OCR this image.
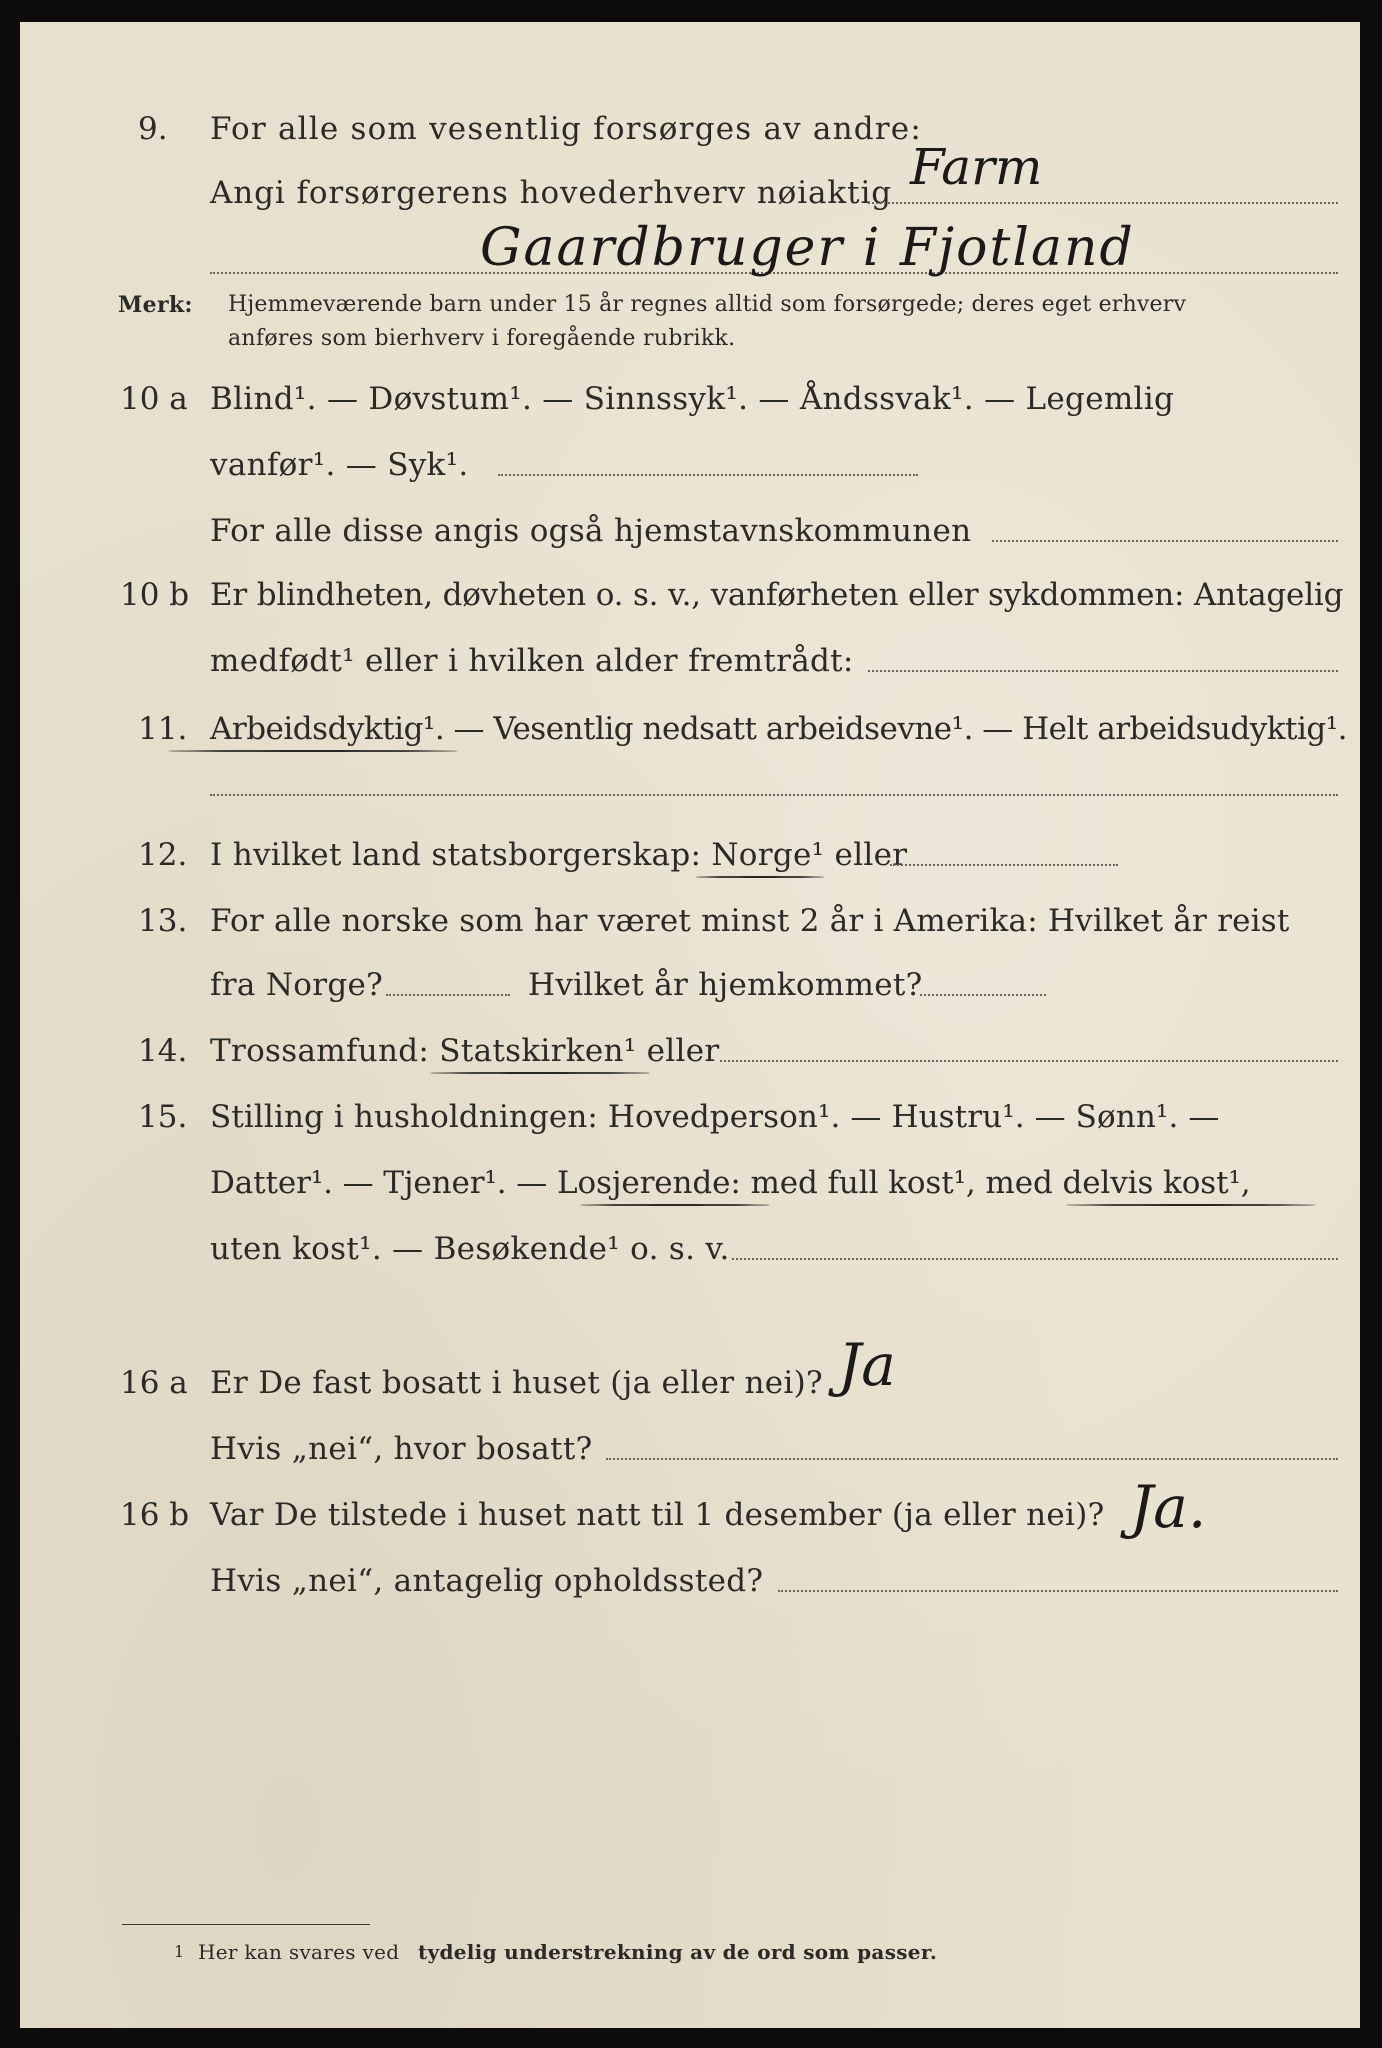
9. For alle som vesentlig forsørges av andre:
Angi forsørgerens hovederhverv nøiaktig Farm
Gaardbruger i Fjotland
Merk: Hjemmeværende barn under 15 år regnes alltid som forsørgede; deres eget erhverv
anføres som bierhverv i foregående rubrikk.
10 a Blind¹. — Døvstum¹. — Sinnssyk¹. — Åndssvak¹. — Legemlig
vanfør¹. — Syk¹.
For alle disse angis også hjemstavnskommunen
10 b Er blindheten, døvheten o. s. v., vanførheten eller sykdommen: Antagelig
medfødt¹ eller i hvilken alder fremtrådt:
11. Arbeidsdyktig¹. — Vesentlig nedsatt arbeidsevne¹. — Helt arbeidsudyktig¹.
12. I hvilket land statsborgerskap: Norge¹ eller
13. For alle norske som har været minst 2 år i Amerika: Hvilket år reist
fra Norge?	Hvilket år hjemkommet?
14. Trossamfund: Statskirken¹ eller
15. Stilling i husholdningen: Hovedperson¹. — Hustru¹. — Sønn¹. —
Datter¹. — Tjener¹. — Losjerende: med full kost¹, med delvis kost¹,
uten kost¹. — Besøkende¹ o. s. v.
16 a Er De fast bosatt i huset (ja eller nei)? Ja
Hvis „nei“, hvor bosatt?
16 b Var De tilstede i huset natt til 1 desember (ja eller nei)? Ja.
Hvis „nei“, antagelig opholdssted?
1 Her kan svares ved tydelig understrekning av de ord som passer.
